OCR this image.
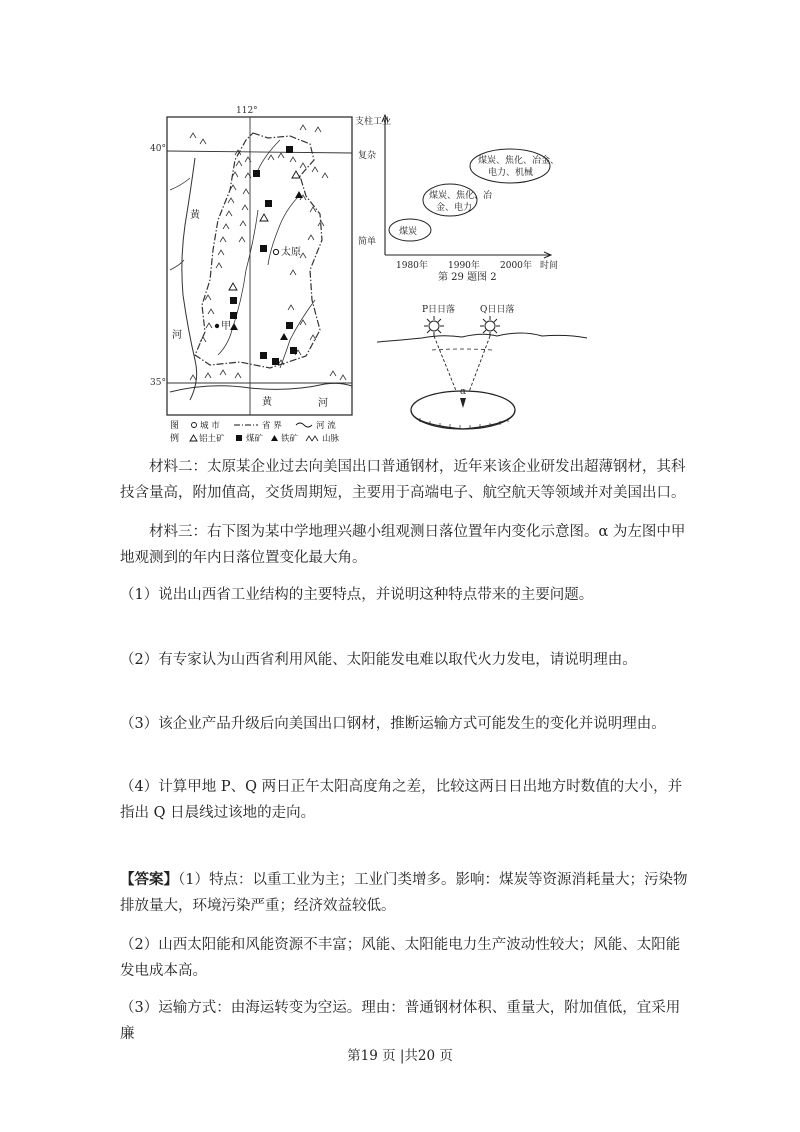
112°
40°
35°
太原
甲
黄
河
黄	河
图
例
城 市	省 界	河 流
铝土矿	煤矿 铁矿	山脉
支柱工业
复杂
简单
时间
1980年 1990年 2000年
煤炭
煤炭、焦化、冶
金、电力
煤炭、焦化、冶金、
电力、机械
第 29 题图 2
P日日落	Q日日落
α
材料二：太原某企业过去向美国出口普通钢材，近年来该企业研发出超薄钢材，其科技含量高，附加值高，交货周期短，主要用于高端电子、航空航天等领域并对美国出口。
材料三：右下图为某中学地理兴趣小组观测日落位置年内变化示意图。α 为左图中甲地观测到的年内日落位置变化最大角。
（1）说出山西省工业结构的主要特点，并说明这种特点带来的主要问题。
（2）有专家认为山西省利用风能、太阳能发电难以取代火力发电，请说明理由。
（3）该企业产品升级后向美国出口钢材，推断运输方式可能发生的变化并说明理由。
（4）计算甲地 P、Q 两日正午太阳高度角之差，比较这两日日出地方时数值的大小，并指出 Q 日晨线过该地的走向。
【答案】（1）特点：以重工业为主；工业门类增多。影响：煤炭等资源消耗量大；污染物排放量大，环境污染严重；经济效益较低。
（2）山西太阳能和风能资源不丰富；风能、太阳能电力生产波动性较大；风能、太阳能发电成本高。
（3）运输方式：由海运转变为空运。理由：普通钢材体积、重量大，附加值低，宜采用廉
第19 页 |共20 页
